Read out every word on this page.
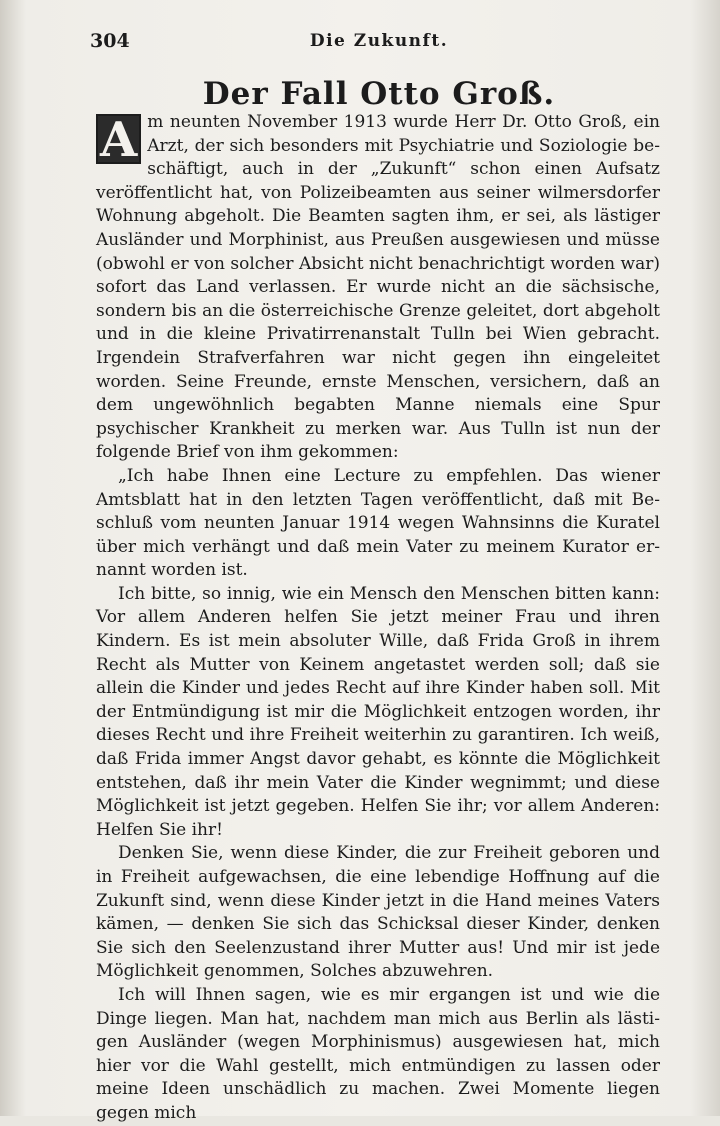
304	Die Zukunft.
Der Fall Otto Groß.

A m neunten November 1913 wurde Herr Dr. Otto Groß, ein Arzt, der sich besonders mit Psychiatrie und Soziologie beschäftigt, auch in der „Zukunft“ schon einen Aufsatz veröffentlicht hat, von Polizeibeamten aus seiner wilmersdorfer Wohnung abgeholt. Die Beamten sagten ihm, er sei, als lästiger Ausländer und Morphinist, aus Preußen ausgewiesen und müsse (obwohl er von solcher Absicht nicht benachrichtigt worden war) sofort das Land verlassen. Er wurde nicht an die sächsische, sondern bis an die österreichische Grenze geleitet, dort abgeholt und in die kleine Privatirrenanstalt Tulln bei Wien gebracht. Irgendein Strafverfahren war nicht gegen ihn eingeleitet worden. Seine Freunde, ernste Menschen, versichern, daß an dem ungewöhnlich begabten Manne niemals eine Spur psychischer Krankheit zu merken war. Aus Tulln ist nun der folgende Brief von ihm gekommen:

„Ich habe Ihnen eine Lecture zu empfehlen. Das wiener Amtsblatt hat in den letzten Tagen veröffentlicht, daß mit Beschluß vom neunten Januar 1914 wegen Wahnsinns die Kuratel über mich verhängt und daß mein Vater zu meinem Kurator ernannt worden ist.

Ich bitte, so innig, wie ein Mensch den Menschen bitten kann: Vor allem Anderen helfen Sie jetzt meiner Frau und ihren Kindern. Es ist mein absoluter Wille, daß Frida Groß in ihrem Recht als Mutter von Keinem angetastet werden soll; daß sie allein die Kinder und jedes Recht auf ihre Kinder haben soll. Mit der Entmündigung ist mir die Möglichkeit entzogen worden, ihr dieses Recht und ihre Freiheit weiterhin zu garantiren. Ich weiß, daß Frida immer Angst davor gehabt, es könnte die Möglichkeit entstehen, daß ihr mein Vater die Kinder wegnimmt; und diese Möglichkeit ist jetzt gegeben. Helfen Sie ihr; vor allem Anderen: Helfen Sie ihr!

Denken Sie, wenn diese Kinder, die zur Freiheit geboren und in Freiheit aufgewachsen, die eine lebendige Hoffnung auf die Zukunft sind, wenn diese Kinder jetzt in die Hand meines Vaters kämen, — denken Sie sich das Schicksal dieser Kinder, denken Sie sich den Seelenzustand ihrer Mutter aus! Und mir ist jede Möglichkeit genommen, Solches abzuwehren.

Ich will Ihnen sagen, wie es mir ergangen ist und wie die Dinge liegen. Man hat, nachdem man mich aus Berlin als lästigen Ausländer (wegen Morphinismus) ausgewiesen hat, mich hier vor die Wahl gestellt, mich entmündigen zu lassen oder meine Ideen unschädlich zu machen. Zwei Momente liegen gegen mich
